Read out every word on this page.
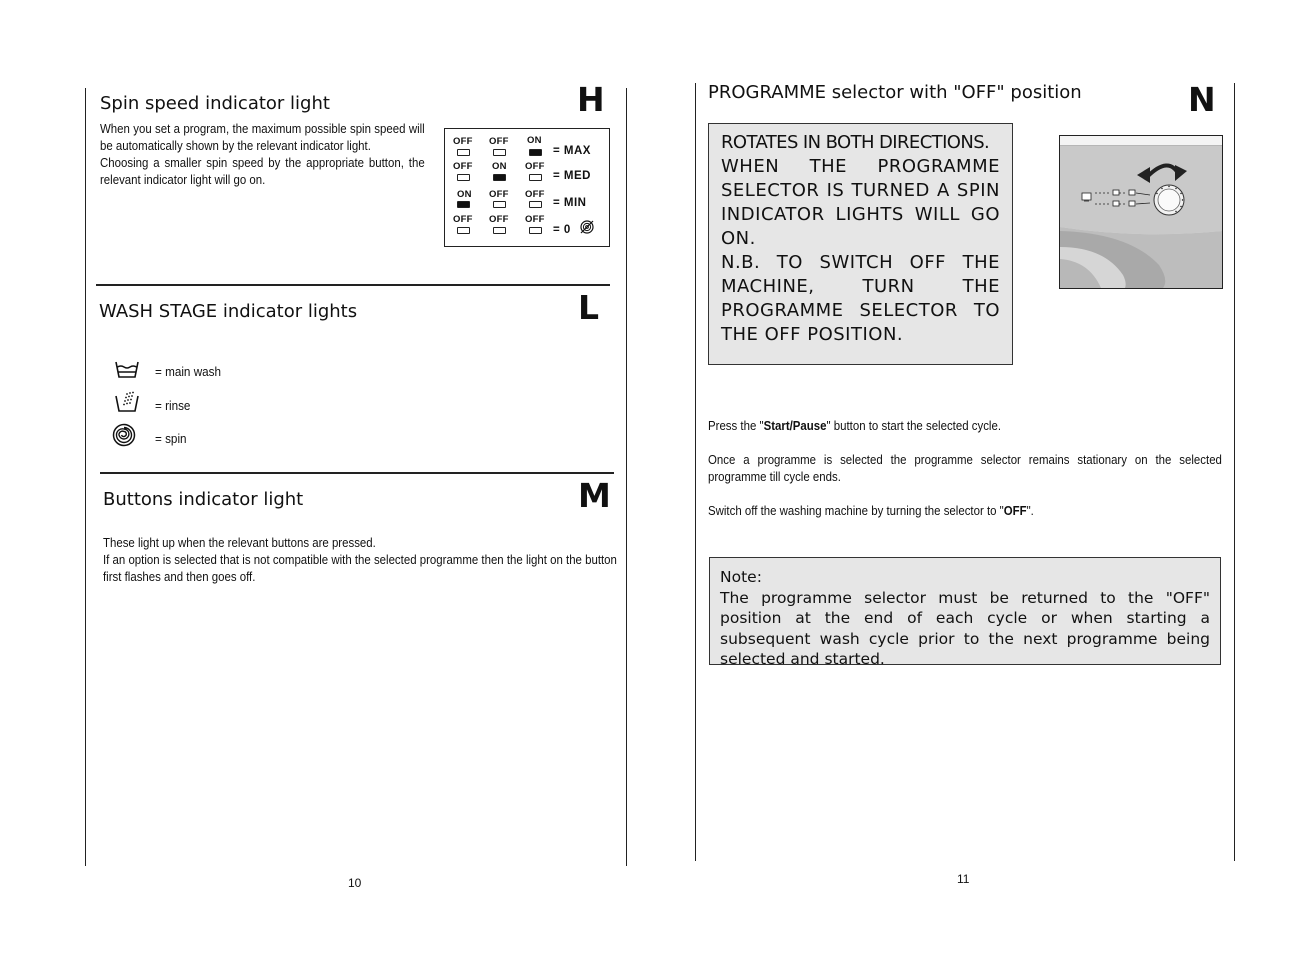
H
Spin speed indicator light
When you set a program, the maximum possible spin speed will be automatically shown by the relevant indicator light.
Choosing a smaller spin speed by the appropriate button, the relevant indicator light will go on.
OFF OFF ON
= MAX
OFF ON OFF
= MED
ON OFF OFF
= MIN
OFF OFF OFF
= 0
L
WASH STAGE indicator lights
= main wash
= rinse
= spin
M
Buttons indicator light
These light up when the relevant buttons are pressed.
If an option is selected that is not compatible with the selected programme then the light on the button first flashes and then goes off.
10
PROGRAMME selector with "OFF" position	N
ROTATES IN BOTH DIRECTIONS.
WHEN THE PROGRAMME SELECTOR IS TURNED A SPIN INDICATOR LIGHTS WILL GO ON.
N.B. TO SWITCH OFF THE MACHINE, TURN THE PROGRAMME SELECTOR TO THE OFF POSITION.
Press the "Start/Pause" button to start the selected cycle.
Once a programme is selected the programme selector remains stationary on the selected programme till cycle ends.
Switch off the washing machine by turning the selector to "OFF".
Note:
The programme selector must be returned to the "OFF" position at the end of each cycle or when starting a subsequent wash cycle prior to the next programme being selected and started.
11
